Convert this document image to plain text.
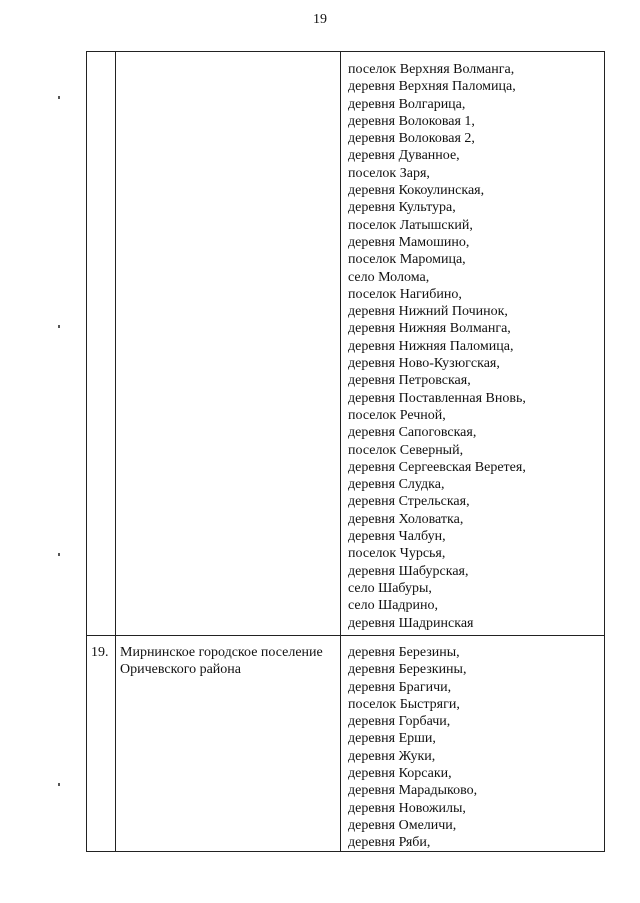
19
поселок Верхняя Волманга,
деревня Верхняя Паломица,
деревня Волгарица,
деревня Волоковая 1,
деревня Волоковая 2,
деревня Дуванное,
поселок Заря,
деревня Кокоулинская,
деревня Культура,
поселок Латышский,
деревня Мамошино,
поселок Маромица,
село Молома,
поселок Нагибино,
деревня Нижний Починок,
деревня Нижняя Волманга,
деревня Нижняя Паломица,
деревня Ново-Кузюгская,
деревня Петровская,
деревня Поставленная Вновь,
поселок Речной,
деревня Сапоговская,
поселок Северный,
деревня Сергеевская Веретея,
деревня Слудка,
деревня Стрельская,
деревня Холоватка,
деревня Чалбун,
поселок Чурсья,
деревня Шабурская,
село Шабуры,
село Шадрино,
деревня Шадринская
19. Мирнинское городское поселение
Оричевского района
деревня Березины,
деревня Березкины,
деревня Брагичи,
поселок Быстряги,
деревня Горбачи,
деревня Ерши,
деревня Жуки,
деревня Корсаки,
деревня Марадыково,
деревня Новожилы,
деревня Омеличи,
деревня Ряби,
